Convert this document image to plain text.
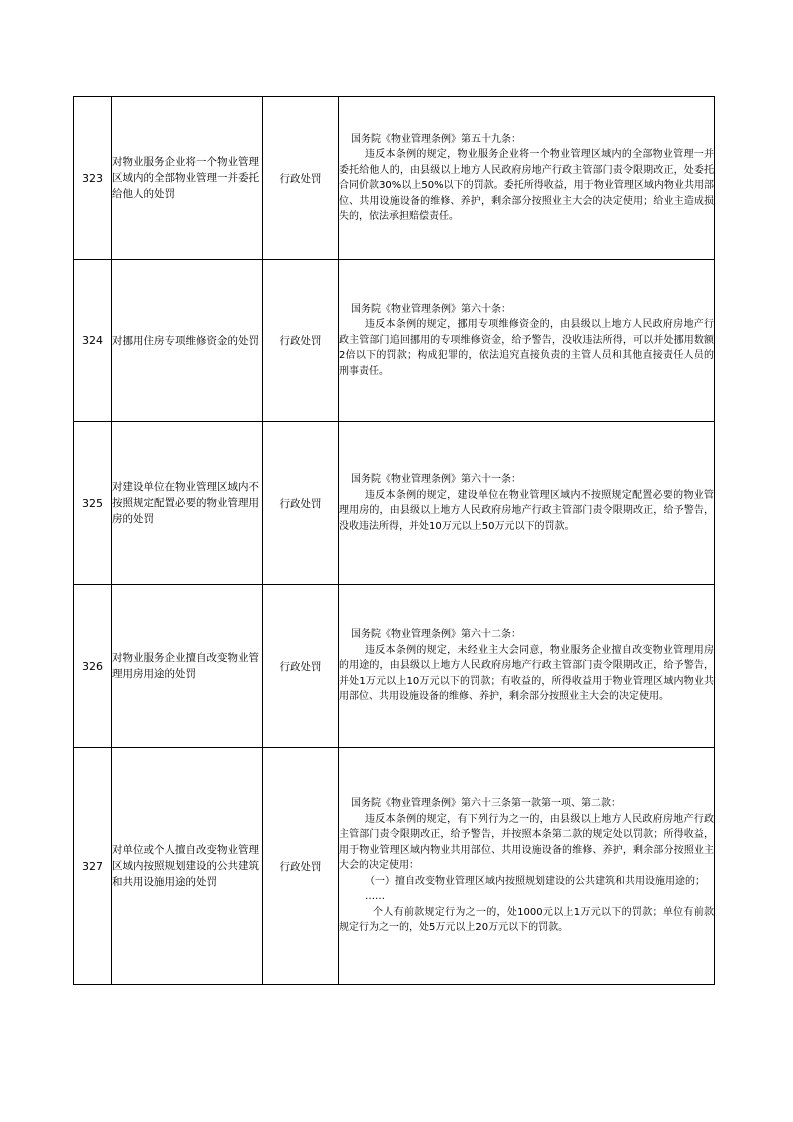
323	对物业服务企业将一个物业管理区域内的全部物业管理一并委托给他人的处罚	行政处罚	国务院《物业管理条例》第五十九条：

违反本条例的规定，物业服务企业将一个物业管理区域内的全部物业管理一并委托给他人的，由县级以上地方人民政府房地产行政主管部门责令限期改正，处委托合同价款30%以上50%以下的罚款。委托所得收益，用于物业管理区域内物业共用部位、共用设施设备的维修、养护，剩余部分按照业主大会的决定使用；给业主造成损失的，依法承担赔偿责任。

324	对挪用住房专项维修资金的处罚	行政处罚	国务院《物业管理条例》第六十条：

违反本条例的规定，挪用专项维修资金的，由县级以上地方人民政府房地产行政主管部门追回挪用的专项维修资金，给予警告，没收违法所得，可以并处挪用数额2倍以下的罚款；构成犯罪的，依法追究直接负责的主管人员和其他直接责任人员的刑事责任。

325	对建设单位在物业管理区域内不按照规定配置必要的物业管理用房的处罚	行政处罚	国务院《物业管理条例》第六十一条：

违反本条例的规定，建设单位在物业管理区域内不按照规定配置必要的物业管理用房的，由县级以上地方人民政府房地产行政主管部门责令限期改正，给予警告，没收违法所得，并处10万元以上50万元以下的罚款。

326	对物业服务企业擅自改变物业管理用房用途的处罚	行政处罚	国务院《物业管理条例》第六十二条：

违反本条例的规定，未经业主大会同意，物业服务企业擅自改变物业管理用房的用途的，由县级以上地方人民政府房地产行政主管部门责令限期改正，给予警告，并处1万元以上10万元以下的罚款；有收益的，所得收益用于物业管理区域内物业共用部位、共用设施设备的维修、养护，剩余部分按照业主大会的决定使用。

327	对单位或个人擅自改变物业管理区域内按照规划建设的公共建筑和共用设施用途的处罚	行政处罚	国务院《物业管理条例》第六十三条第一款第一项、第二款：

违反本条例的规定，有下列行为之一的，由县级以上地方人民政府房地产行政主管部门责令限期改正，给予警告，并按照本条第二款的规定处以罚款；所得收益，用于物业管理区域内物业共用部位、共用设施设备的维修、养护，剩余部分按照业主大会的决定使用：

（一）擅自改变物业管理区域内按照规划建设的公共建筑和共用设施用途的；

……

个人有前款规定行为之一的，处1000元以上1万元以下的罚款；单位有前款规定行为之一的，处5万元以上20万元以下的罚款。
